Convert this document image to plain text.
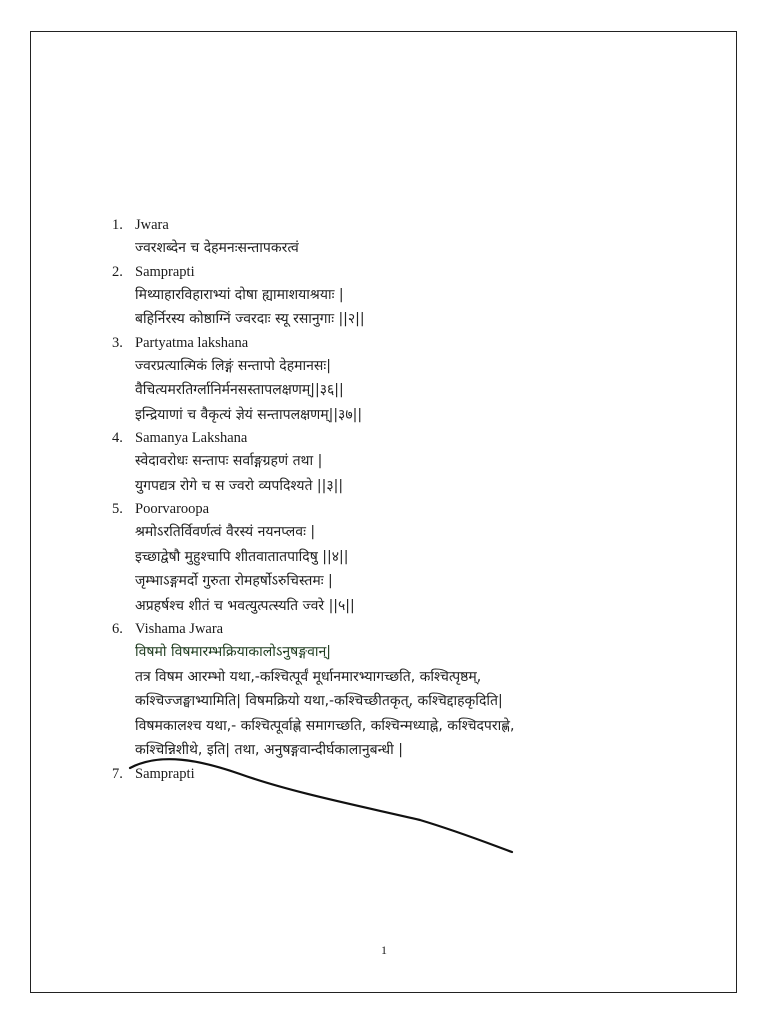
1. Jwara
ज्वरशब्देन च देहमनःसन्तापकरत्वं
2. Samprapti
मिथ्याहारविहाराभ्यां दोषा ह्यामाशयाश्रयाः |
बहिर्निरस्य कोष्ठाग्निं ज्वरदाः स्यू रसानुगाः ||२||
3. Partyatma lakshana
ज्वरप्रत्यात्मिकं लिङ्गं सन्तापो देहमानसः|
वैचित्यमरतिर्ग्लानिर्मनसस्तापलक्षणम्||३६||
इन्द्रियाणां च वैकृत्यं ज्ञेयं सन्तापलक्षणम्||३७||
4. Samanya Lakshana
स्वेदावरोधः सन्तापः सर्वाङ्गग्रहणं तथा |
युगपद्यत्र रोगे च स ज्वरो व्यपदिश्यते ||३||
5. Poorvaroopa
श्रमोऽरतिर्विवर्णत्वं वैरस्यं नयनप्लवः |
इच्छाद्वेषौ मुहुश्चापि शीतवातातपादिषु ||४||
जृम्भाऽङ्गमर्दो गुरुता रोमहर्षोऽरुचिस्तमः |
अप्रहर्षश्च शीतं च भवत्युत्पत्स्यति ज्वरे ||५||
6. Vishama Jwara
विषमो विषमारम्भक्रियाकालोऽनुषङ्गवान्|
तत्र विषम आरम्भो यथा,-कश्चित्पूर्वं मूर्धानमारभ्यागच्छति, कश्चित्पृष्ठम्,
कश्चिज्जङ्घाभ्यामिति| विषमक्रियो यथा,-कश्चिच्छीतकृत्, कश्चिद्दाहकृदिति|
विषमकालश्च यथा,- कश्चित्पूर्वाह्णे समागच्छति, कश्चिन्मध्याह्ने, कश्चिदपराह्णे,
कश्चिन्निशीथे, इति| तथा, अनुषङ्गवान्दीर्घकालानुबन्धी |
7. Samprapti
1
